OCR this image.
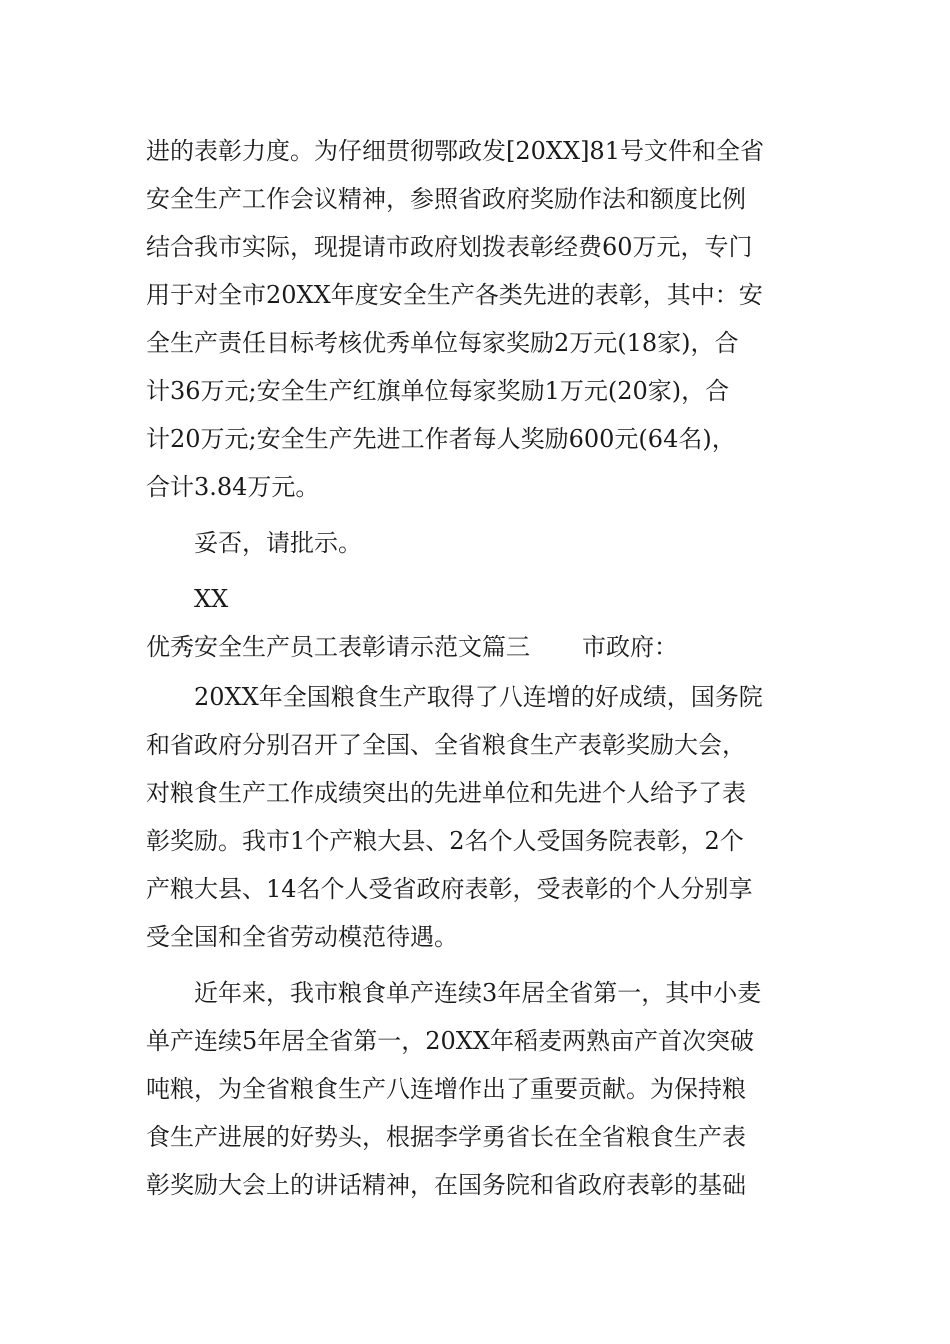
进的表彰力度。为仔细贯彻鄂政发[20XX]81号文件和全省
安全生产工作会议精神，参照省政府奖励作法和额度比例
结合我市实际，现提请市政府划拨表彰经费60万元，专门
用于对全市20XX年度安全生产各类先进的表彰，其中：安
全生产责任目标考核优秀单位每家奖励2万元(18家)，合
计36万元;安全生产红旗单位每家奖励1万元(20家)，合
计20万元;安全生产先进工作者每人奖励600元(64名)，
合计3.84万元。
妥否，请批示。
XX
优秀安全生产员工表彰请示范文篇三 市政府：
20XX年全国粮食生产取得了八连增的好成绩，国务院
和省政府分别召开了全国、全省粮食生产表彰奖励大会，
对粮食生产工作成绩突出的先进单位和先进个人给予了表
彰奖励。我市1个产粮大县、2名个人受国务院表彰，2个
产粮大县、14名个人受省政府表彰，受表彰的个人分别享
受全国和全省劳动模范待遇。
近年来，我市粮食单产连续3年居全省第一，其中小麦
单产连续5年居全省第一，20XX年稻麦两熟亩产首次突破
吨粮，为全省粮食生产八连增作出了重要贡献。为保持粮
食生产进展的好势头，根据李学勇省长在全省粮食生产表
彰奖励大会上的讲话精神，在国务院和省政府表彰的基础
